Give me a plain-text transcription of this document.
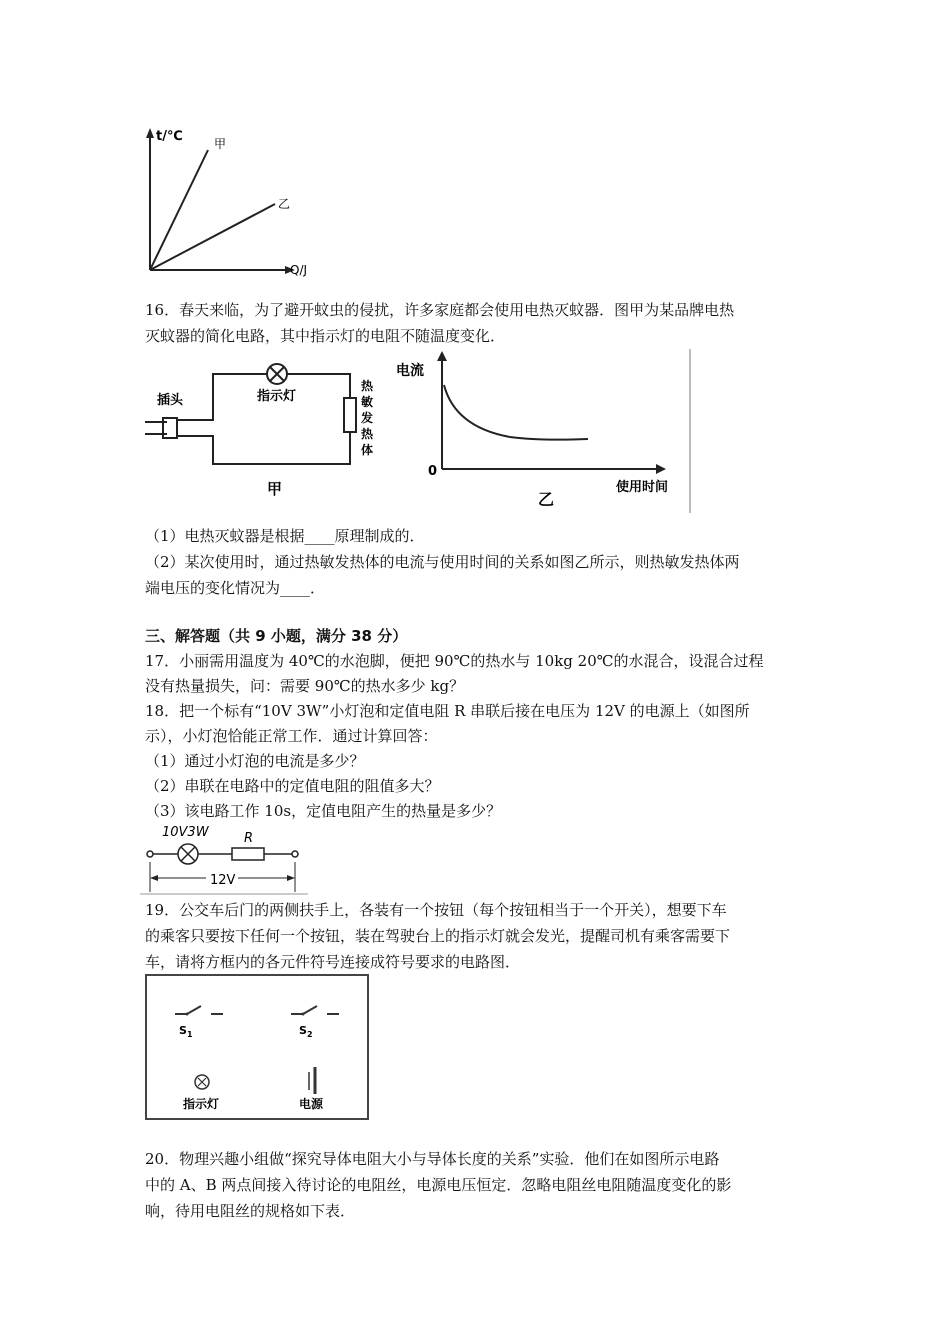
t/℃
Q/J
甲
乙
16．春天来临，为了避开蚊虫的侵扰，许多家庭都会使用电热灭蚊器．图甲为某品牌电热
灭蚊器的简化电路，其中指示灯的电阻不随温度变化．
插头	指示灯
热
敏
发
热
体
甲
电流
0
使用时间
乙
（1）电热灭蚊器是根据____原理制成的．
（2）某次使用时，通过热敏发热体的电流与使用时间的关系如图乙所示，则热敏发热体两
端电压的变化情况为____．
三、解答题（共 9 小题，满分 38 分）
17．小丽需用温度为 40℃的水泡脚，便把 90℃的热水与 10kg 20℃的水混合，设混合过程
没有热量损失，问：需要 90℃的热水多少 kg？
18．把一个标有“10V 3W”小灯泡和定值电阻 R 串联后接在电压为 12V 的电源上（如图所
示），小灯泡恰能正常工作．通过计算回答：
（1）通过小灯泡的电流是多少？
（2）串联在电路中的定值电阻的阻值多大？
（3）该电路工作 10s，定值电阻产生的热量是多少？
10V3W	R
12V
19．公交车后门的两侧扶手上，各装有一个按钮（每个按钮相当于一个开关），想要下车
的乘客只要按下任何一个按钮，装在驾驶台上的指示灯就会发光，提醒司机有乘客需要下
车，请将方框内的各元件符号连接成符号要求的电路图．
S 1	S 2
指示灯	电源
20．物理兴趣小组做“探究导体电阻大小与导体长度的关系”实验．他们在如图所示电路
中的 A、B 两点间接入待讨论的电阻丝，电源电压恒定．忽略电阻丝电阻随温度变化的影
响，待用电阻丝的规格如下表．
